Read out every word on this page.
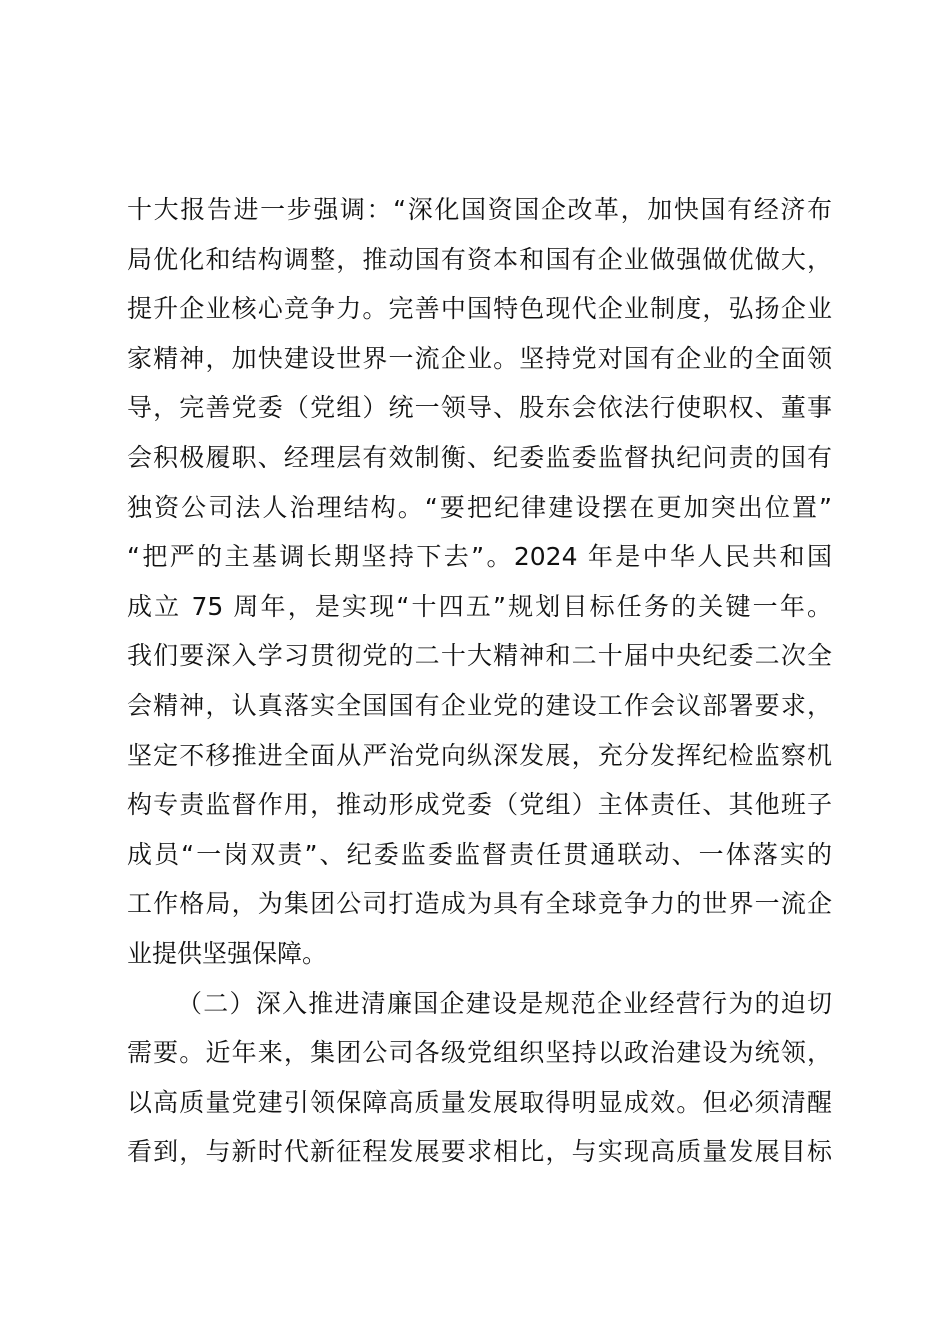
十大报告进一步强调：“深化国资国企改革，加快国有经济布
局优化和结构调整，推动国有资本和国有企业做强做优做大，
提升企业核心竞争力。完善中国特色现代企业制度，弘扬企业
家精神，加快建设世界一流企业。坚持党对国有企业的全面领
导，完善党委（党组）统一领导、股东会依法行使职权、董事
会积极履职、经理层有效制衡、纪委监委监督执纪问责的国有
独资公司法人治理结构。“要把纪律建设摆在更加突出位置”
“把严的主基调长期坚持下去”。2024 年是中华人民共和国
成立 75 周年，是实现“十四五”规划目标任务的关键一年。
我们要深入学习贯彻党的二十大精神和二十届中央纪委二次全
会精神，认真落实全国国有企业党的建设工作会议部署要求，
坚定不移推进全面从严治党向纵深发展，充分发挥纪检监察机
构专责监督作用，推动形成党委（党组）主体责任、其他班子
成员“一岗双责”、纪委监委监督责任贯通联动、一体落实的
工作格局，为集团公司打造成为具有全球竞争力的世界一流企
业提供坚强保障。
（二）深入推进清廉国企建设是规范企业经营行为的迫切
需要。近年来，集团公司各级党组织坚持以政治建设为统领，
以高质量党建引领保障高质量发展取得明显成效。但必须清醒
看到，与新时代新征程发展要求相比，与实现高质量发展目标
